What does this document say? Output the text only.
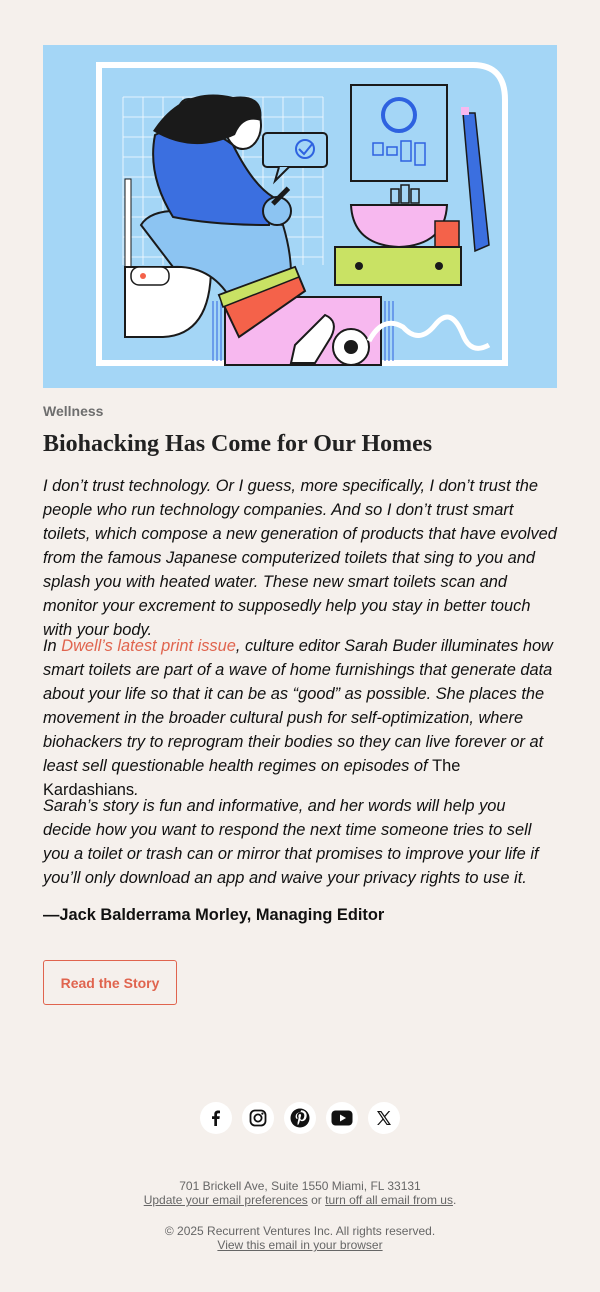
Wellness
Biohacking Has Come for Our Homes

I don’t trust technology. Or I guess, more specifically, I don’t trust the people who run technology companies. And so I don’t trust smart toilets, which compose a new generation of products that have evolved from the famous Japanese computerized toilets that sing to you and splash you with heated water. These new smart toilets scan and monitor your excrement to supposedly help you stay in better touch with your body.

In Dwell’s latest print issue, culture editor Sarah Buder illuminates how smart toilets are part of a wave of home furnishings that generate data about your life so that it can be as “good” as possible. She places the movement in the broader cultural push for self-optimization, where biohackers try to reprogram their bodies so they can live forever or at least sell questionable health regimes on episodes of The Kardashians.

Sarah’s story is fun and informative, and her words will help you decide how you want to respond the next time someone tries to sell you a toilet or trash can or mirror that promises to improve your life if you’ll only download an app and waive your privacy rights to use it.

—Jack Balderrama Morley, Managing Editor

Read the Story
701 Brickell Ave, Suite 1550 Miami, FL 33131
Update your email preferences or turn off all email from us.
© 2025 Recurrent Ventures Inc. All rights reserved.
View this email in your browser
